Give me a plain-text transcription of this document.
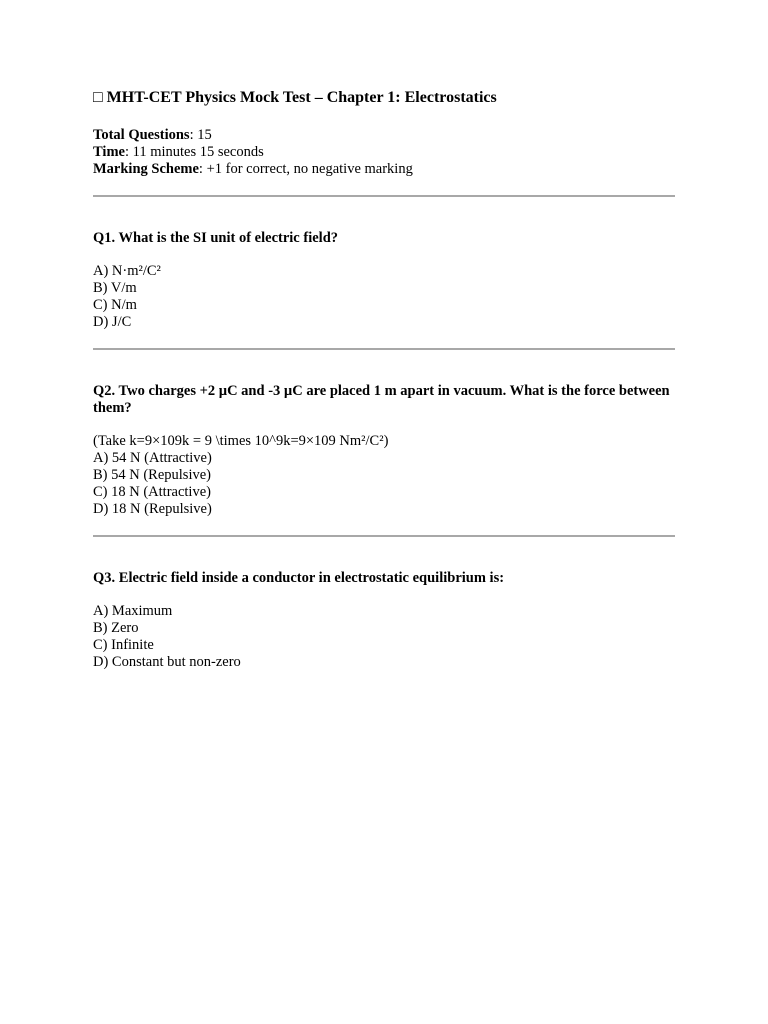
□ MHT-CET Physics Mock Test – Chapter 1: Electrostatics

Total Questions: 15

Time: 11 minutes 15 seconds

Marking Scheme: +1 for correct, no negative marking

Q1. What is the SI unit of electric field?

A) N·m²/C²

B) V/m

C) N/m

D) J/C

Q2. Two charges +2 µC and -3 µC are placed 1 m apart in vacuum. What is the force between them?

(Take k=9×109k = 9 \times 10^9k=9×109 Nm²/C²)

A) 54 N (Attractive)

B) 54 N (Repulsive)

C) 18 N (Attractive)

D) 18 N (Repulsive)

Q3. Electric field inside a conductor in electrostatic equilibrium is:

A) Maximum

B) Zero

C) Infinite

D) Constant but non-zero
